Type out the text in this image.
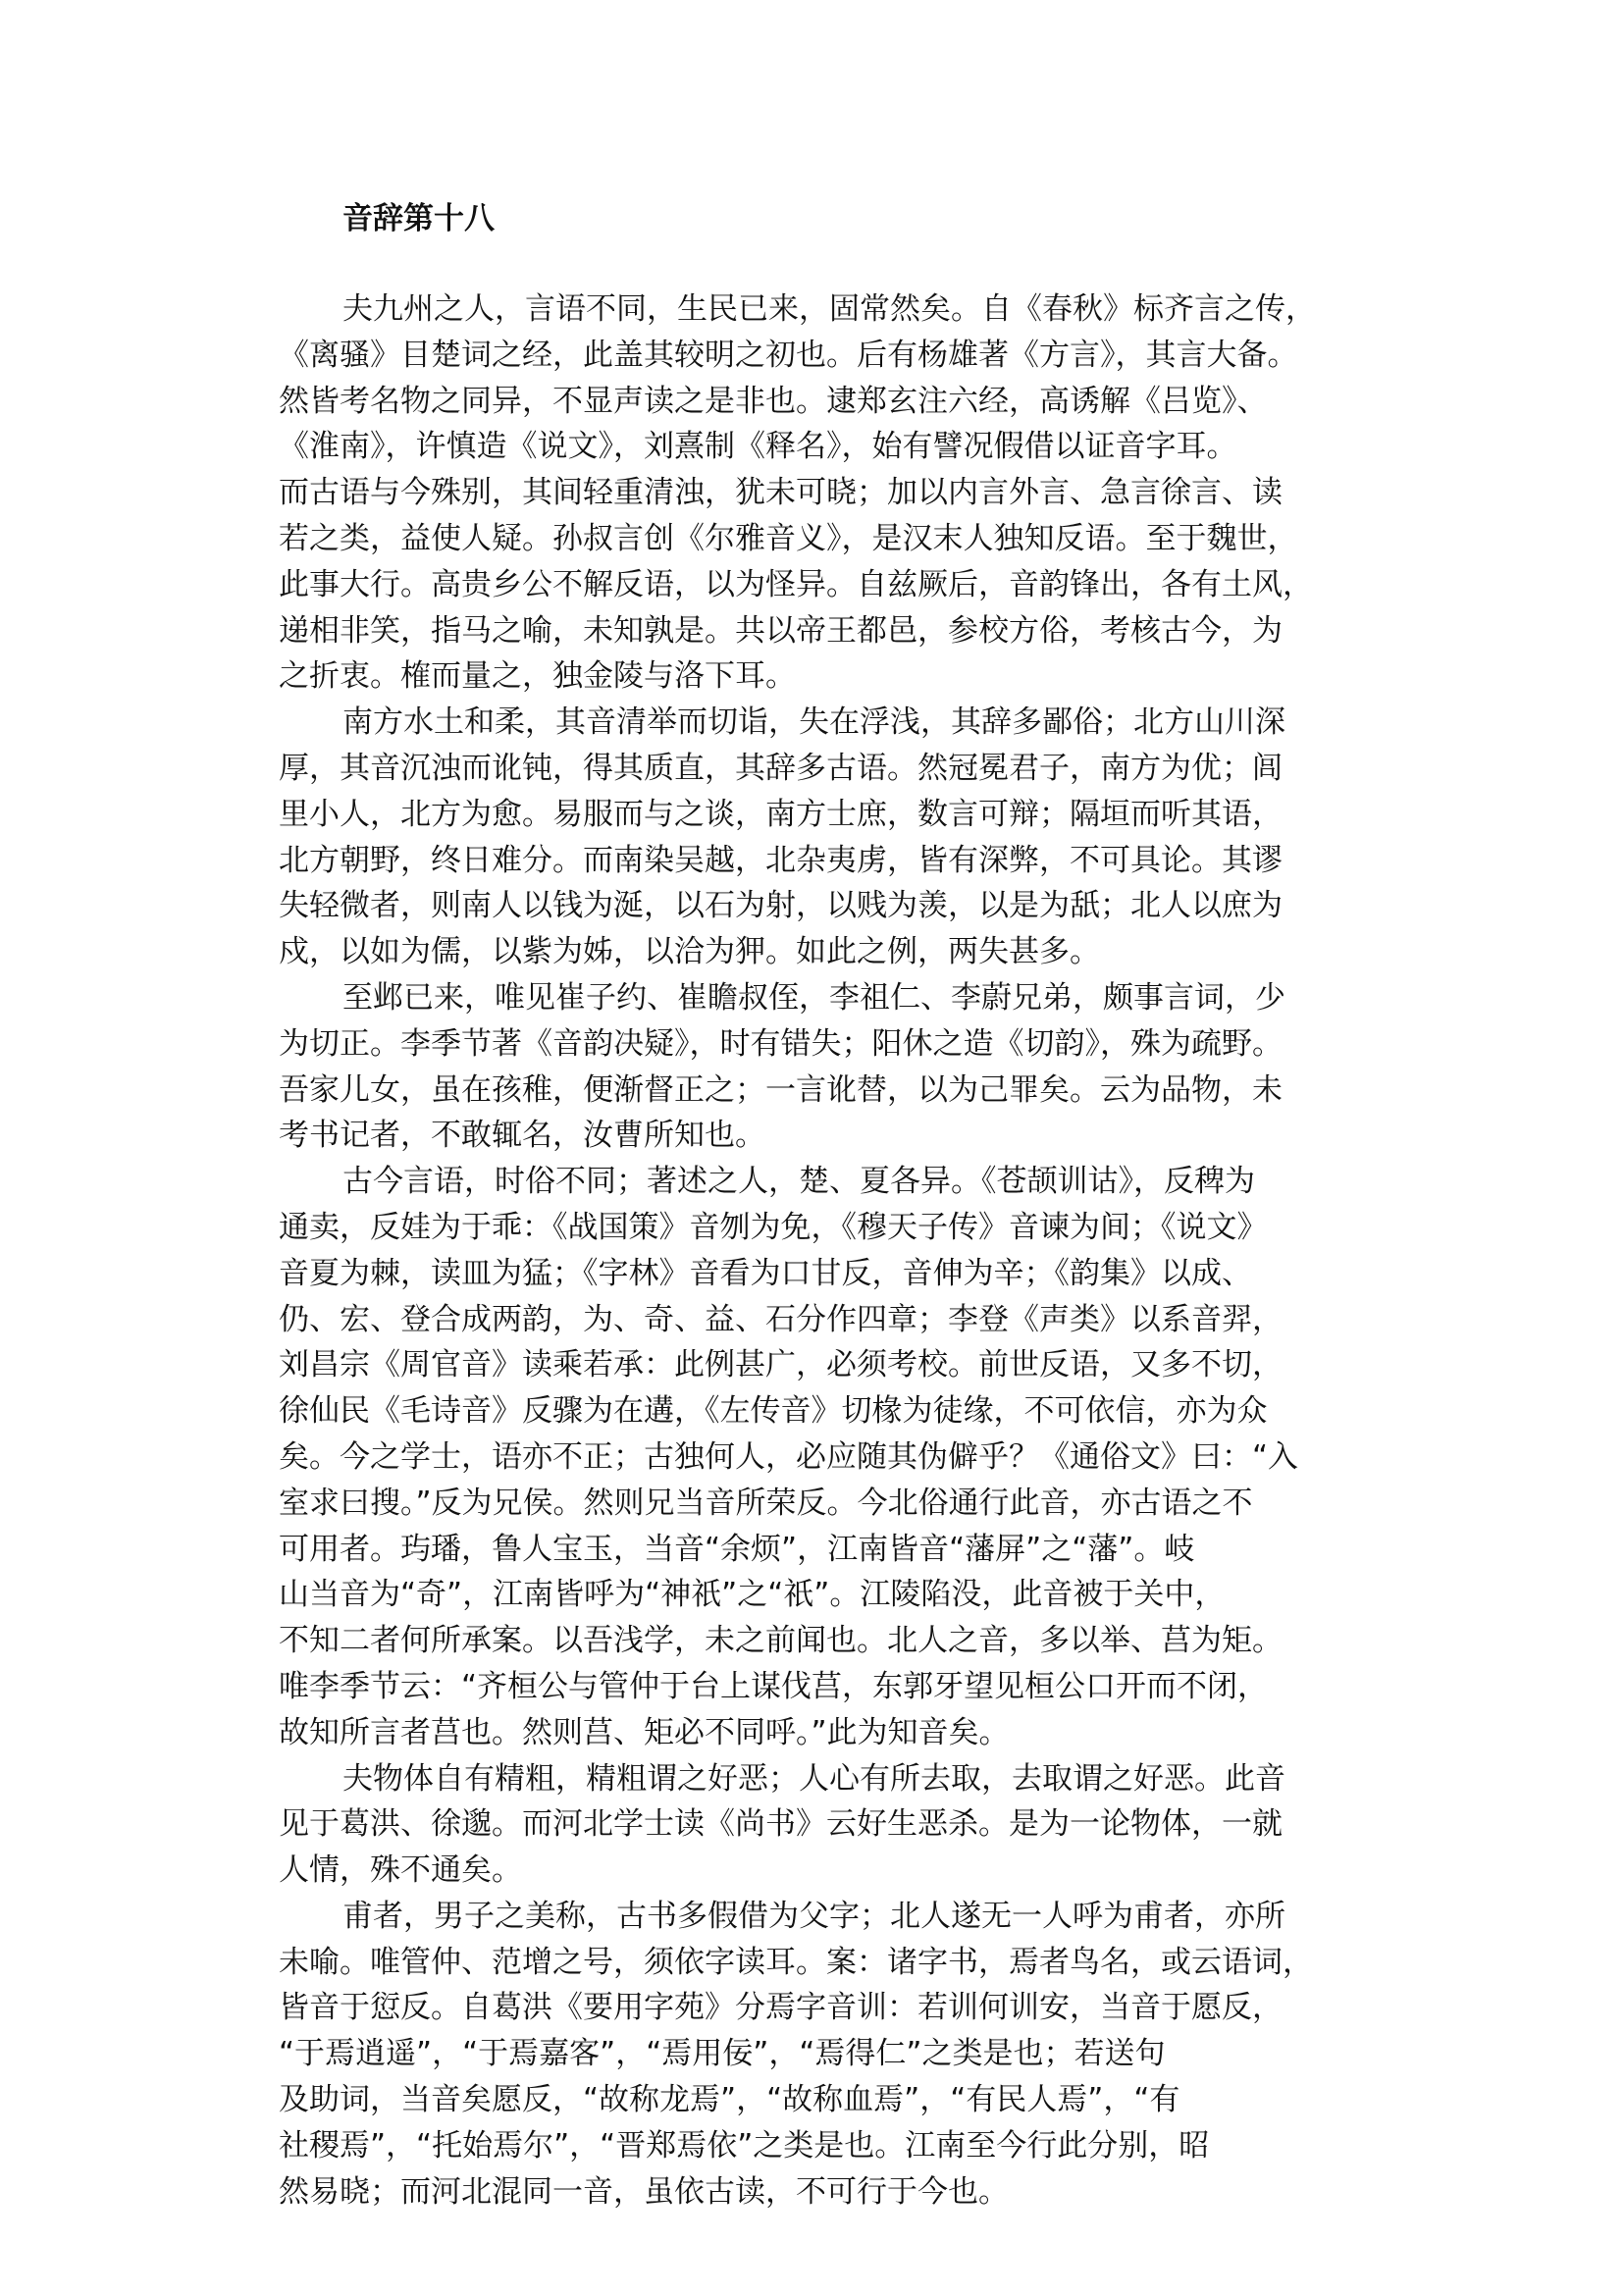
音辞第十八

夫九州之人，言语不同，生民已来，固常然矣。自《春秋》标齐言之传，
《离骚》目楚词之经，此盖其较明之初也。后有杨雄著《方言》，其言大备。
然皆考名物之同异，不显声读之是非也。逮郑玄注六经，高诱解《吕览》、
《淮南》，许慎造《说文》，刘熹制《释名》，始有譬况假借以证音字耳。
而古语与今殊别，其间轻重清浊，犹未可晓；加以内言外言、急言徐言、读
若之类，益使人疑。孙叔言创《尔雅音义》，是汉末人独知反语。至于魏世，
此事大行。高贵乡公不解反语，以为怪异。自兹厥后，音韵锋出，各有土风，
递相非笑，指马之喻，未知孰是。共以帝王都邑，参校方俗，考核古今，为
之折衷。榷而量之，独金陵与洛下耳。

南方水土和柔，其音清举而切诣，失在浮浅，其辞多鄙俗；北方山川深
厚，其音沉浊而讹钝，得其质直，其辞多古语。然冠冕君子，南方为优；闾
里小人，北方为愈。易服而与之谈，南方士庶，数言可辩；隔垣而听其语，
北方朝野，终日难分。而南染吴越，北杂夷虏，皆有深弊，不可具论。其谬
失轻微者，则南人以钱为涎，以石为射，以贱为羡，以是为舐；北人以庶为
戍，以如为儒，以紫为姊，以洽为狎。如此之例，两失甚多。

至邺已来，唯见崔子约、崔瞻叔侄，李祖仁、李蔚兄弟，颇事言词，少
为切正。李季节著《音韵决疑》，时有错失；阳休之造《切韵》，殊为疏野。
吾家儿女，虽在孩稚，便渐督正之；一言讹替，以为己罪矣。云为品物，未
考书记者，不敢辄名，汝曹所知也。

古今言语，时俗不同；著述之人，楚、夏各异。《苍颉训诂》，反稗为
通卖，反娃为于乖：《战国策》音刎为免，《穆天子传》音谏为间；《说文》
音夏为棘，读皿为猛；《字林》音看为口甘反，音伸为辛；《韵集》以成、
仍、宏、登合成两韵，为、奇、益、石分作四章；李登《声类》以系音羿，
刘昌宗《周官音》读乘若承：此例甚广，必须考校。前世反语，又多不切，
徐仙民《毛诗音》反骤为在遘，《左传音》切椽为徒缘，不可依信，亦为众
矣。今之学士，语亦不正；古独何人，必应随其伪僻乎？《通俗文》曰：“入
室求曰搜。”反为兄侯。然则兄当音所荣反。今北俗通行此音，亦古语之不
可用者。玙璠，鲁人宝玉，当音“余烦”，江南皆音“藩屏”之“藩”。岐
山当音为“奇”，江南皆呼为“神祇”之“祇”。江陵陷没，此音被于关中，
不知二者何所承案。以吾浅学，未之前闻也。北人之音，多以举、莒为矩。
唯李季节云：“齐桓公与管仲于台上谋伐莒，东郭牙望见桓公口开而不闭，
故知所言者莒也。然则莒、矩必不同呼。”此为知音矣。

夫物体自有精粗，精粗谓之好恶；人心有所去取，去取谓之好恶。此音
见于葛洪、徐邈。而河北学士读《尚书》云好生恶杀。是为一论物体，一就
人情，殊不通矣。

甫者，男子之美称，古书多假借为父字；北人遂无一人呼为甫者，亦所
未喻。唯管仲、范增之号，须依字读耳。案：诸字书，焉者鸟名，或云语词，
皆音于愆反。自葛洪《要用字苑》分焉字音训：若训何训安，当音于愿反，
“于焉逍遥”，“于焉嘉客”，“焉用佞”，“焉得仁”之类是也；若送句
及助词，当音矣愿反，“故称龙焉”，“故称血焉”，“有民人焉”，“有
社稷焉”，“托始焉尔”，“晋郑焉依”之类是也。江南至今行此分别，昭
然易晓；而河北混同一音，虽依古读，不可行于今也。
